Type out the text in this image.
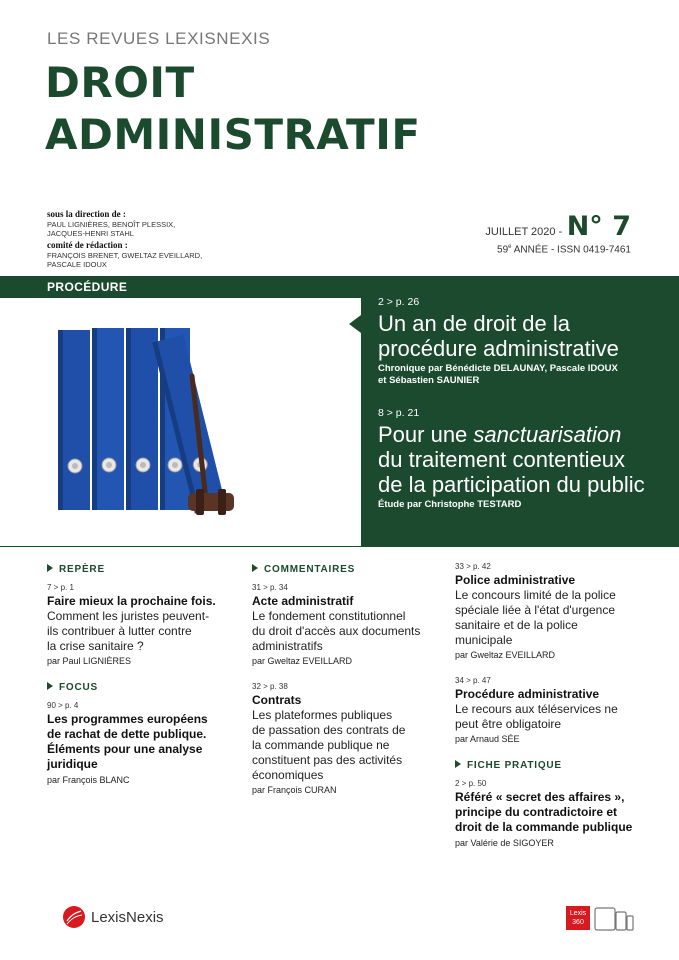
LES REVUES LEXISNEXIS
DROIT
ADMINISTRATIF
sous la direction de :
PAUL LIGNIÈRES, BENOÎT PLESSIX,
JACQUES-HENRI STAHL
comité de rédaction :
FRANÇOIS BRENET, GWELTAZ EVEILLARD,
PASCALE IDOUX
JUILLET 2020 - N° 7
59e ANNÉE - ISSN 0419-7461
PROCÉDURE
2 > p. 26
Un an de droit de la
procédure administrative
Chronique par Bénédicte DELAUNAY, Pascale IDOUX
et Sébastien SAUNIER
8 > p. 21
Pour une sanctuarisation
du traitement contentieux
de la participation du public
Étude par Christophe TESTARD
REPÈRE
7 > p. 1
Faire mieux la prochaine fois.
Comment les juristes peuvent-
ils contribuer à lutter contre
la crise sanitaire ?
par Paul LIGNIÈRES
FOCUS
90 > p. 4
Les programmes européens
de rachat de dette publique.
Éléments pour une analyse
juridique
par François BLANC
COMMENTAIRES
31 > p. 34
Acte administratif
Le fondement constitutionnel
du droit d'accès aux documents
administratifs
par Gweltaz EVEILLARD
32 > p. 38
Contrats
Les plateformes publiques
de passation des contrats de
la commande publique ne
constituent pas des activités
économiques
par François CURAN
33 > p. 42
Police administrative
Le concours limité de la police
spéciale liée à l'état d'urgence
sanitaire et de la police
municipale
par Gweltaz EVEILLARD
34 > p. 47
Procédure administrative
Le recours aux téléservices ne
peut être obligatoire
par Arnaud SÉE
FICHE PRATIQUE
2 > p. 50
Référé « secret des affaires »,
principe du contradictoire et
droit de la commande publique
par Valérie de SIGOYER
LexisNexis	Lexis
360
